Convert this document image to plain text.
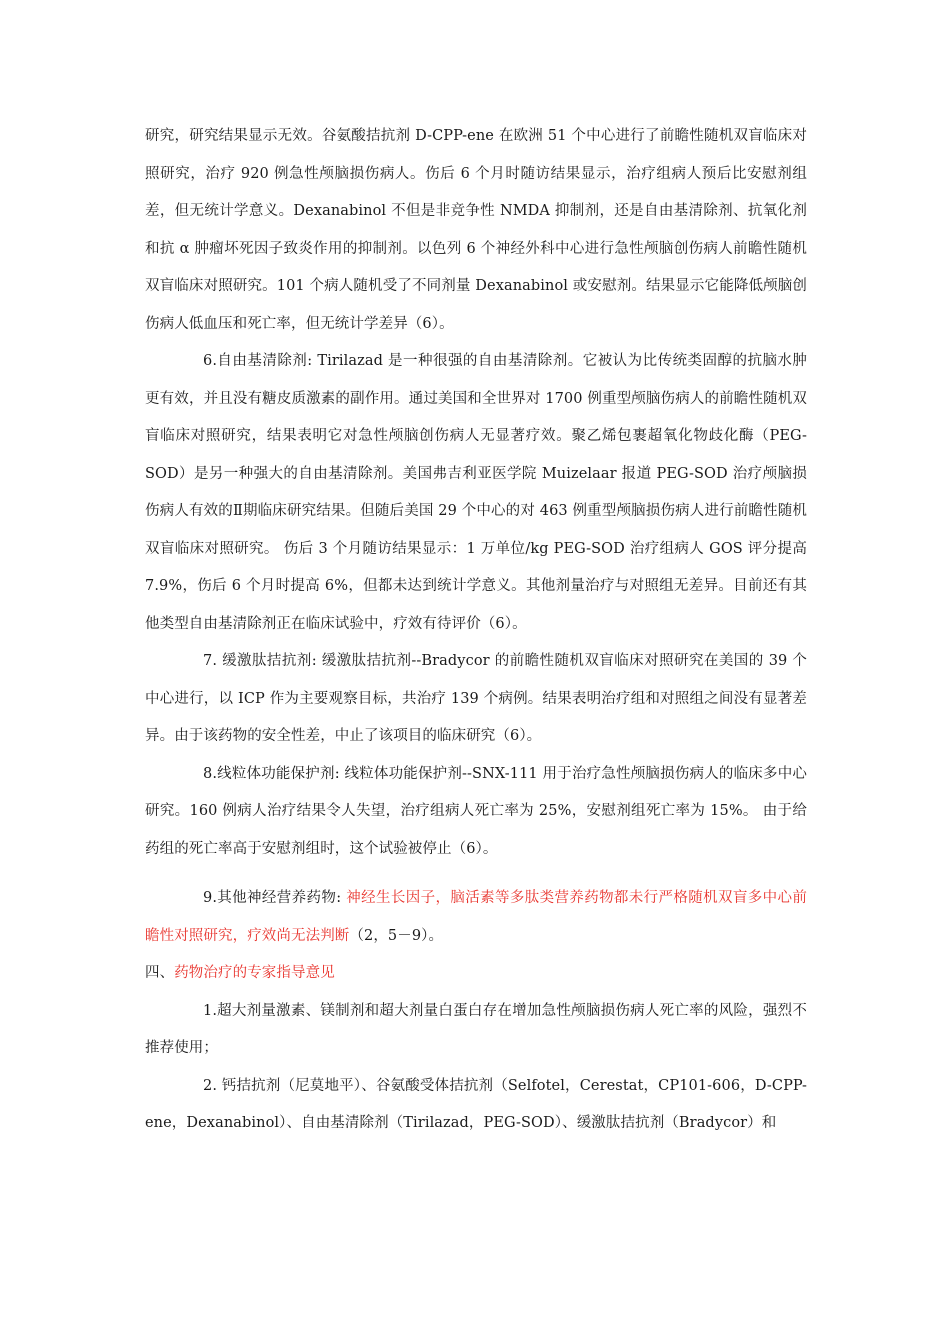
研究，研究结果显示无效。谷氨酸拮抗剂 D-CPP-ene 在欧洲 51 个中心进行了前瞻性随机双盲临床对照研究，治疗 920 例急性颅脑损伤病人。伤后 6 个月时随访结果显示，治疗组病人预后比安慰剂组差，但无统计学意义。Dexanabinol 不但是非竞争性 NMDA 抑制剂，还是自由基清除剂、抗氧化剂和抗 α 肿瘤坏死因子致炎作用的抑制剂。以色列 6 个神经外科中心进行急性颅脑创伤病人前瞻性随机双盲临床对照研究。101 个病人随机受了不同剂量 Dexanabinol 或安慰剂。结果显示它能降低颅脑创伤病人低血压和死亡率，但无统计学差异（6）。

6.自由基清除剂: Tirilazad 是一种很强的自由基清除剂。它被认为比传统类固醇的抗脑水肿更有效，并且没有糖皮质激素的副作用。通过美国和全世界对 1700 例重型颅脑伤病人的前瞻性随机双盲临床对照研究，结果表明它对急性颅脑创伤病人无显著疗效。聚乙烯包裹超氧化物歧化酶（PEG-SOD）是另一种强大的自由基清除剂。美国弗吉利亚医学院 Muizelaar 报道 PEG-SOD 治疗颅脑损伤病人有效的Ⅱ期临床研究结果。但随后美国 29 个中心的对 463 例重型颅脑损伤病人进行前瞻性随机双盲临床对照研究。 伤后 3 个月随访结果显示：1 万单位/kg PEG-SOD 治疗组病人 GOS 评分提高 7.9%，伤后 6 个月时提高 6%，但都未达到统计学意义。其他剂量治疗与对照组无差异。目前还有其他类型自由基清除剂正在临床试验中，疗效有待评价（6）。

7. 缓激肽拮抗剂: 缓激肽拮抗剂--Bradycor 的前瞻性随机双盲临床对照研究在美国的 39 个中心进行，以 ICP 作为主要观察目标，共治疗 139 个病例。结果表明治疗组和对照组之间没有显著差异。由于该药物的安全性差，中止了该项目的临床研究（6）。

8.线粒体功能保护剂: 线粒体功能保护剂--SNX-111 用于治疗急性颅脑损伤病人的临床多中心研究。160 例病人治疗结果令人失望，治疗组病人死亡率为 25%，安慰剂组死亡率为 15%。 由于给药组的死亡率高于安慰剂组时，这个试验被停止（6）。

9.其他神经营养药物: 神经生长因子，脑活素等多肽类营养药物都未行严格随机双盲多中心前瞻性对照研究，疗效尚无法判断（2，5－9）。

四、药物治疗的专家指导意见

1.超大剂量激素、镁制剂和超大剂量白蛋白存在增加急性颅脑损伤病人死亡率的风险，强烈不推荐使用；

2. 钙拮抗剂（尼莫地平）、谷氨酸受体拮抗剂（Selfotel，Cerestat，CP101-606，D-CPP-ene，Dexanabinol）、自由基清除剂（Tirilazad，PEG-SOD）、缓激肽拮抗剂（Bradycor）和
